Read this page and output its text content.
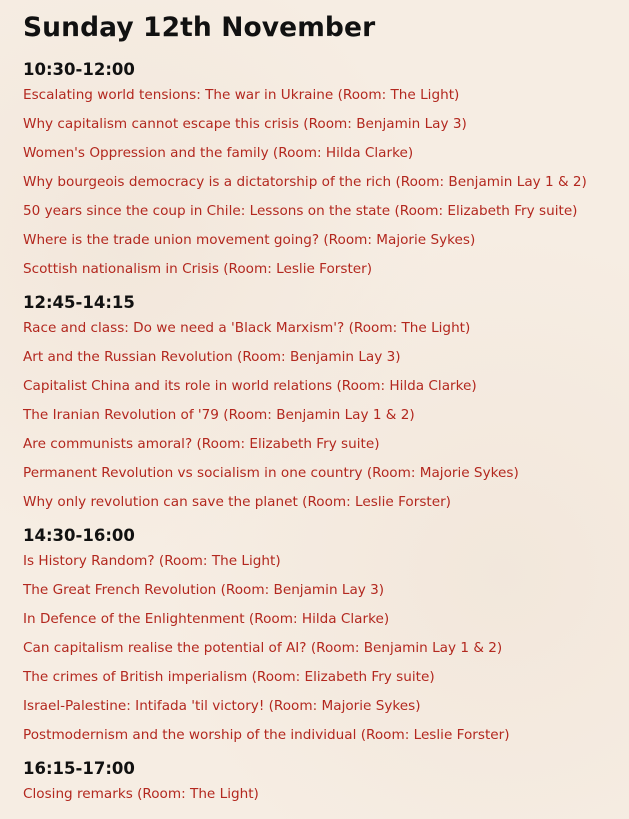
Sunday 12th November
10:30-12:00
Escalating world tensions: The war in Ukraine (Room: The Light)
Why capitalism cannot escape this crisis (Room: Benjamin Lay 3)
Women's Oppression and the family (Room: Hilda Clarke)
Why bourgeois democracy is a dictatorship of the rich (Room: Benjamin Lay 1 & 2)
50 years since the coup in Chile: Lessons on the state (Room: Elizabeth Fry suite)
Where is the trade union movement going? (Room: Majorie Sykes)
Scottish nationalism in Crisis (Room: Leslie Forster)
12:45-14:15
Race and class: Do we need a 'Black Marxism'? (Room: The Light)
Art and the Russian Revolution (Room: Benjamin Lay 3)
Capitalist China and its role in world relations (Room: Hilda Clarke)
The Iranian Revolution of '79 (Room: Benjamin Lay 1 & 2)
Are communists amoral? (Room: Elizabeth Fry suite)
Permanent Revolution vs socialism in one country (Room: Majorie Sykes)
Why only revolution can save the planet (Room: Leslie Forster)
14:30-16:00
Is History Random? (Room: The Light)
The Great French Revolution (Room: Benjamin Lay 3)
In Defence of the Enlightenment (Room: Hilda Clarke)
Can capitalism realise the potential of AI? (Room: Benjamin Lay 1 & 2)
The crimes of British imperialism (Room: Elizabeth Fry suite)
Israel-Palestine: Intifada 'til victory! (Room: Majorie Sykes)
Postmodernism and the worship of the individual (Room: Leslie Forster)
16:15-17:00
Closing remarks (Room: The Light)
